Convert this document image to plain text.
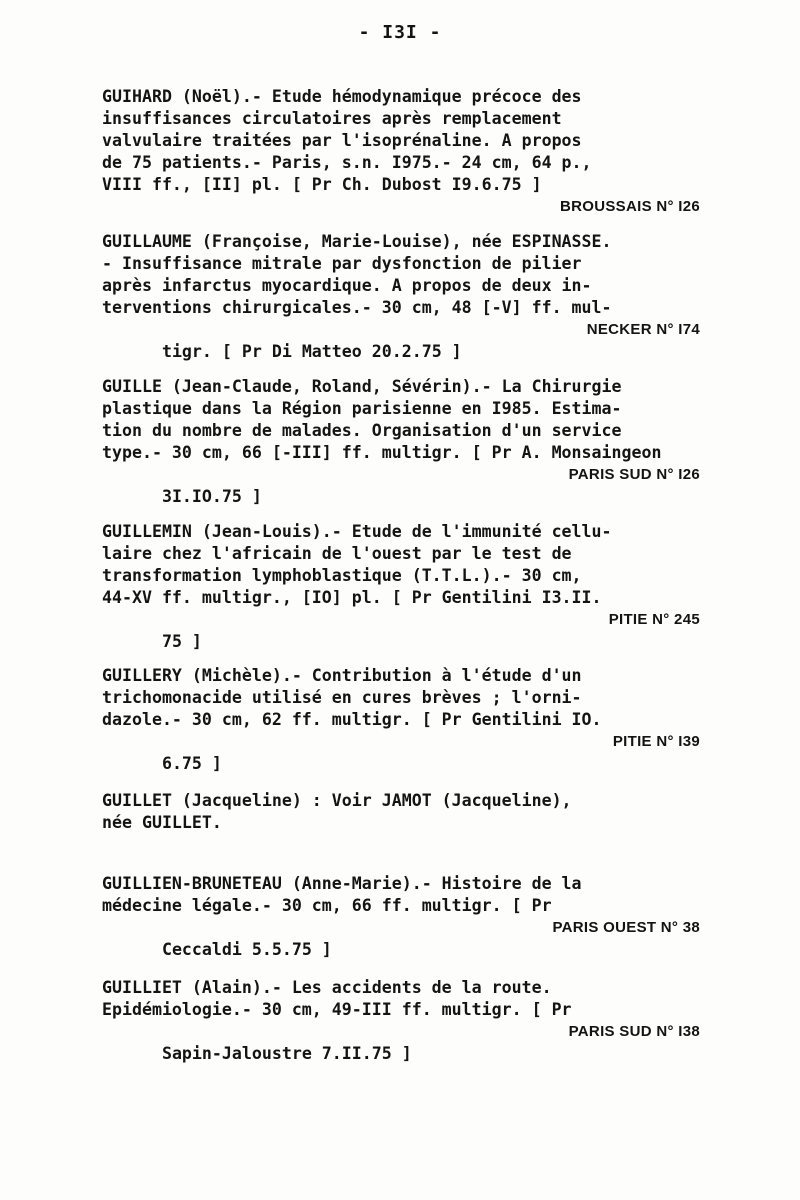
- I3I -
GUIHARD (Noël).- Etude hémodynamique précoce des
insuffisances circulatoires après remplacement
valvulaire traitées par l'isoprénaline. A propos
de 75 patients.- Paris, s.n. I975.- 24 cm, 64 p.,
VIII ff., [II] pl. [ Pr Ch. Dubost I9.6.75 ]

BROUSSAIS N° I26

GUILLAUME (Françoise, Marie-Louise), née ESPINASSE.
- Insuffisance mitrale par dysfonction de pilier
après infarctus myocardique. A propos de deux in-
terventions chirurgicales.- 30 cm, 48 [-V] ff. mul-

tigr. [ Pr Di Matteo 20.2.75 ]

NECKER N° I74

GUILLE (Jean-Claude, Roland, Sévérin).- La Chirurgie
plastique dans la Région parisienne en I985. Estima-
tion du nombre de malades. Organisation d'un service
type.- 30 cm, 66 [-III] ff. multigr. [ Pr A. Monsaingeon

3I.IO.75 ]

PARIS SUD N° I26

GUILLEMIN (Jean-Louis).- Etude de l'immunité cellu-
laire chez l'africain de l'ouest par le test de
transformation lymphoblastique (T.T.L.).- 30 cm,
44-XV ff. multigr., [IO] pl. [ Pr Gentilini I3.II.

75 ]

PITIE N° 245

GUILLERY (Michèle).- Contribution à l'étude d'un
trichomonacide utilisé en cures brèves ; l'orni-
dazole.- 30 cm, 62 ff. multigr. [ Pr Gentilini IO.

6.75 ]

PITIE N° I39

GUILLET (Jacqueline) : Voir JAMOT (Jacqueline),
née GUILLET.
GUILLIEN-BRUNETEAU (Anne-Marie).- Histoire de la
médecine légale.- 30 cm, 66 ff. multigr. [ Pr

Ceccaldi 5.5.75 ]

PARIS OUEST N° 38

GUILLIET (Alain).- Les accidents de la route.
Epidémiologie.- 30 cm, 49-III ff. multigr. [ Pr

Sapin-Jaloustre 7.II.75 ]

PARIS SUD N° I38
